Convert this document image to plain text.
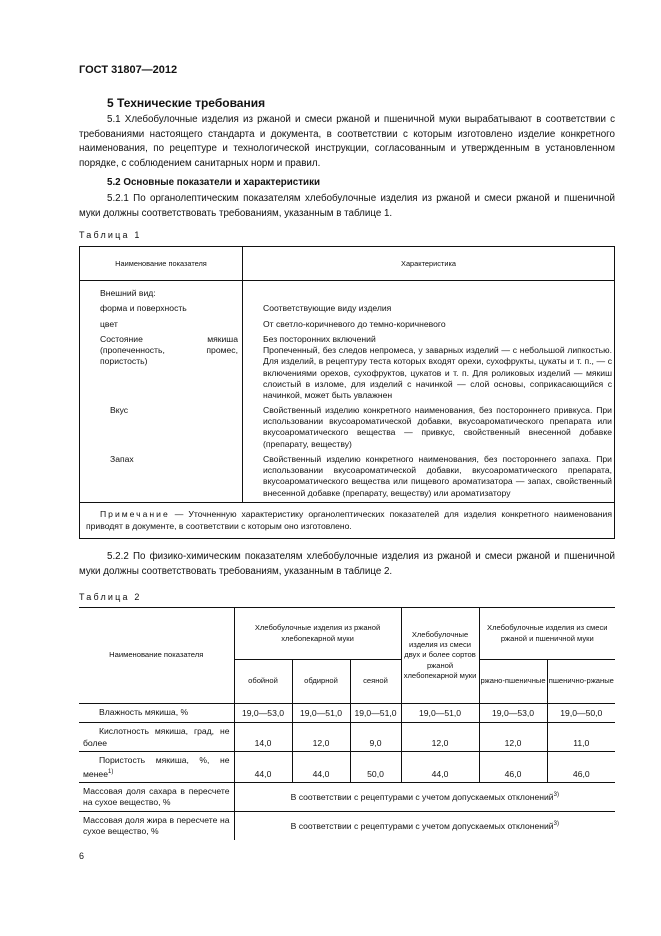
ГОСТ 31807—2012
5 Технические требования

5.1 Хлебобулочные изделия из ржаной и смеси ржаной и пшеничной муки вырабатывают в соответствии с требованиями настоящего стандарта и документа, в соответствии с которым изготовлено изделие конкретного наименования, по рецептуре и технологической инструкции, согласованным и утвержденным в установленном порядке, с соблюдением санитарных норм и правил.

5.2 Основные показатели и характеристики

5.2.1 По органолептическим показателям хлебобулочные изделия из ржаной и смеси ржаной и пшеничной муки должны соответствовать требованиям, указанным в таблице 1.

Таблица 1
Наименование показателя	Характеристика
Внешний вид:	
форма и поверхность	Соответствующие виду изделия
цвет	От светло-коричневого до темно-коричневого
Состояние мякиша (пропеченность, промес, пористость)	Без посторонних включений
Пропеченный, без следов непромеса, у заварных изделий — с небольшой липкостью. Для изделий, в рецептуру теста которых входят орехи, сухофрукты, цукаты и т. п., — с включениями орехов, сухофруктов, цукатов и т. п. Для роликовых изделий — мякиш слоистый в изломе, для изделий с начинкой — слой основы, соприкасающийся с начинкой, может быть увлажнен

Вкус	Свойственный изделию конкретного наименования, без постороннего привкуса. При использовании вкусоароматической добавки, вкусоароматического препарата или вкусоароматического вещества — привкус, свойственный внесенной добавке (препарату, веществу)
Запах	Свойственный изделию конкретного наименования, без постороннего запаха. При использовании вкусоароматической добавки, вкусоароматического препарата, вкусоароматического вещества или пищевого ароматизатора — запах, свойственный внесенной добавке (препарату, веществу) или ароматизатору
Примечание — Уточненную характеристику органолептических показателей для изделия конкретного наименования приводят в документе, в соответствии с которым оно изготовлено.	

5.2.2 По физико-химическим показателям хлебобулочные изделия из ржаной и смеси ржаной и пшеничной муки должны соответствовать требованиям, указанным в таблице 2.

Таблица 2
Наименование показателя	Хлебобулочные изделия из ржаной хлебопекарной муки			Хлебобулочные изделия из смеси двух и более сортов ржаной хлебопекарной муки	Хлебобулочные изделия из смеси ржаной и пшеничной муки	
	обойной	обдирной	сеяной		ржано-пшеничные	пшенично-ржаные
Влажность мякиша, %	19,0—53,0	19,0—51,0	19,0—51,0	19,0—51,0	19,0—53,0	19,0—50,0
Кислотность мякиша, град, не более	14,0	12,0	9,0	12,0	12,0	11,0
Пористость мякиша, %, не менее$^{1)}$	44,0	44,0	50,0	44,0	46,0	46,0
Массовая доля сахара в пересчете на сухое вещество, %	В соответствии с рецептурами с учетом допускаемых отклонений$^{3)}$
Массовая доля жира в пересчете на сухое вещество, %	В соответствии с рецептурами с учетом допускаемых отклонений$^{3)}$
6
